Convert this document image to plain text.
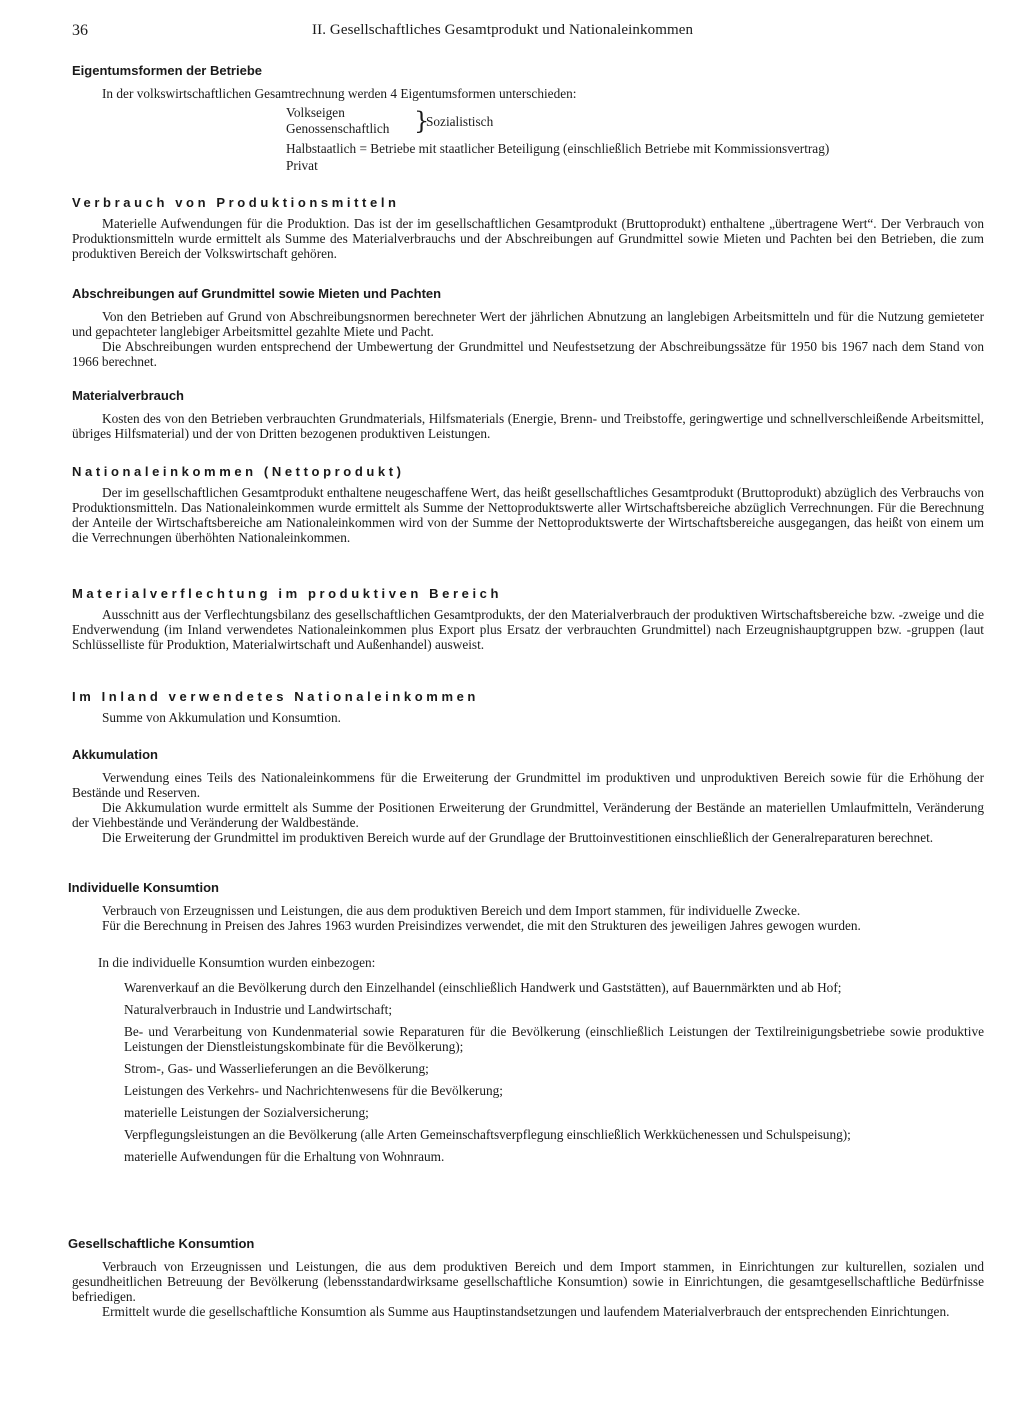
36	II. Gesellschaftliches Gesamtprodukt und Nationaleinkommen
Eigentumsformen der Betriebe
In der volkswirtschaftlichen Gesamtrechnung werden 4 Eigentumsformen unterschieden:
Volkseigen
Genossenschaftlich }
Sozialistisch
Halbstaatlich = Betriebe mit staatlicher Beteiligung (einschließlich Betriebe mit Kommissionsvertrag)
Privat
Verbrauch von Produktionsmitteln

Materielle Aufwendungen für die Produktion. Das ist der im gesellschaftlichen Gesamtprodukt (Bruttoprodukt) enthaltene „übertragene Wert“. Der Verbrauch von Produktionsmitteln wurde ermittelt als Summe des Materialverbrauchs und der Abschreibungen auf Grundmittel sowie Mieten und Pachten bei den Betrieben, die zum produktiven Bereich der Volkswirtschaft gehören.

Abschreibungen auf Grundmittel sowie Mieten und Pachten

Von den Betrieben auf Grund von Abschreibungsnormen berechneter Wert der jährlichen Abnutzung an langlebigen Arbeitsmitteln und für die Nutzung gemieteter und gepachteter langlebiger Arbeitsmittel gezahlte Miete und Pacht.

Die Abschreibungen wurden entsprechend der Umbewertung der Grundmittel und Neufestsetzung der Abschreibungssätze für 1950 bis 1967 nach dem Stand von 1966 berechnet.

Materialverbrauch

Kosten des von den Betrieben verbrauchten Grundmaterials, Hilfsmaterials (Energie, Brenn- und Treibstoffe, geringwertige und schnellverschleißende Arbeitsmittel, übriges Hilfsmaterial) und der von Dritten bezogenen produktiven Leistungen.

Nationaleinkommen (Nettoprodukt)

Der im gesellschaftlichen Gesamtprodukt enthaltene neugeschaffene Wert, das heißt gesellschaftliches Gesamtprodukt (Bruttoprodukt) abzüglich des Verbrauchs von Produktionsmitteln. Das Nationaleinkommen wurde ermittelt als Summe der Nettoproduktswerte aller Wirtschaftsbereiche abzüglich Verrechnungen. Für die Berechnung der Anteile der Wirtschaftsbereiche am Nationaleinkommen wird von der Summe der Nettoproduktswerte der Wirtschaftsbereiche ausgegangen, das heißt von einem um die Verrechnungen überhöhten Nationaleinkommen.

Materialverflechtung im produktiven Bereich

Ausschnitt aus der Verflechtungsbilanz des gesellschaftlichen Gesamtprodukts, der den Materialverbrauch der produktiven Wirtschaftsbereiche bzw. -zweige und die Endverwendung (im Inland verwendetes Nationaleinkommen plus Export plus Ersatz der verbrauchten Grundmittel) nach Erzeugnishauptgruppen bzw. -gruppen (laut Schlüsselliste für Produktion, Materialwirtschaft und Außenhandel) ausweist.

Im Inland verwendetes Nationaleinkommen
Summe von Akkumulation und Konsumtion.
Akkumulation

Verwendung eines Teils des Nationaleinkommens für die Erweiterung der Grundmittel im produktiven und unproduktiven Bereich sowie für die Erhöhung der Bestände und Reserven.

Die Akkumulation wurde ermittelt als Summe der Positionen Erweiterung der Grundmittel, Veränderung der Bestände an materiellen Umlaufmitteln, Veränderung der Viehbestände und Veränderung der Waldbestände.

Die Erweiterung der Grundmittel im produktiven Bereich wurde auf der Grundlage der Bruttoinvestitionen einschließlich der Generalreparaturen berechnet.

Individuelle Konsumtion

Verbrauch von Erzeugnissen und Leistungen, die aus dem produktiven Bereich und dem Import stammen, für individuelle Zwecke.

Für die Berechnung in Preisen des Jahres 1963 wurden Preisindizes verwendet, die mit den Strukturen des jeweiligen Jahres gewogen wurden.

In die individuelle Konsumtion wurden einbezogen:
Warenverkauf an die Bevölkerung durch den Einzelhandel (einschließlich Handwerk und Gaststätten), auf Bauernmärkten und ab Hof;
Naturalverbrauch in Industrie und Landwirtschaft;
Be- und Verarbeitung von Kundenmaterial sowie Reparaturen für die Bevölkerung (einschließlich Leistungen der Textilreinigungsbetriebe sowie produktive Leistungen der Dienstleistungskombinate für die Bevölkerung);
Strom-, Gas- und Wasserlieferungen an die Bevölkerung;
Leistungen des Verkehrs- und Nachrichtenwesens für die Bevölkerung;
materielle Leistungen der Sozialversicherung;
Verpflegungsleistungen an die Bevölkerung (alle Arten Gemeinschaftsverpflegung einschließlich Werkküchenessen und Schulspeisung);
materielle Aufwendungen für die Erhaltung von Wohnraum.
Gesellschaftliche Konsumtion

Verbrauch von Erzeugnissen und Leistungen, die aus dem produktiven Bereich und dem Import stammen, in Einrichtungen zur kulturellen, sozialen und gesundheitlichen Betreuung der Bevölkerung (lebensstandardwirksame gesellschaftliche Konsumtion) sowie in Einrichtungen, die gesamtgesellschaftliche Bedürfnisse befriedigen.

Ermittelt wurde die gesellschaftliche Konsumtion als Summe aus Hauptinstandsetzungen und laufendem Materialverbrauch der entsprechenden Einrichtungen.
